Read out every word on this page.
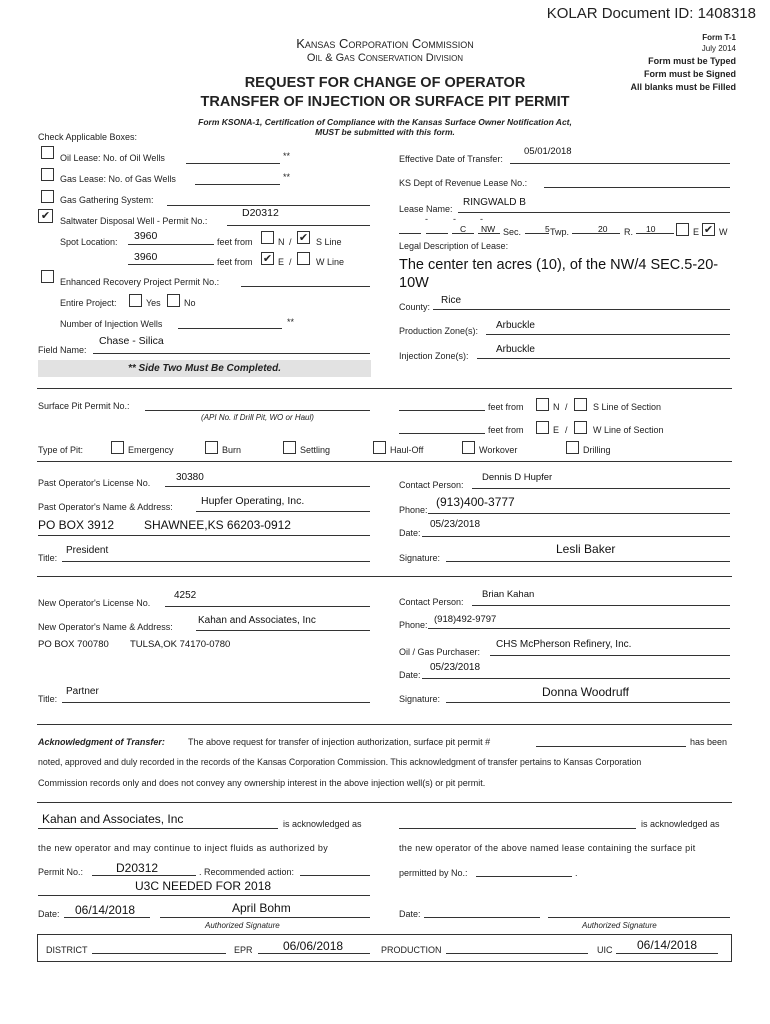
KOLAR Document ID: 1408318
Kansas Corporation Commission
Oil & Gas Conservation Division
REQUEST FOR CHANGE OF OPERATOR
TRANSFER OF INJECTION OR SURFACE PIT PERMIT
Form T-1
July 2014
Form must be Typed
Form must be Signed
All blanks must be Filled
Form KSONA-1, Certification of Compliance with the Kansas Surface Owner Notification Act,
MUST be submitted with this form.
Check Applicable Boxes:
Oil Lease: No. of Oil Wells	**
Gas Lease: No. of Gas Wells	**
Gas Gathering System:
✔	Saltwater Disposal Well - Permit No.:
D20312
Spot Location: 3960	feet from	N / ✔ S Line
3960	feet from ✔ E /	W Line
Enhanced Recovery Project Permit No.:
Entire Project:	Yes	No
Number of Injection Wells	**
Field Name:
Chase - Silica
** Side Two Must Be Completed.
Effective Date of Transfer:
05/01/2018
KS Dept of Revenue Lease No.:
Lease Name:
RINGWALD B
-	-	-
C NW Sec.	5 Twp.	20 R. 10	E ✔ W
Legal Description of Lease:
The center ten acres (10), of the NW/4 SEC.5-20-
10W
County:
Rice
Production Zone(s): Arbuckle
Injection Zone(s):
Arbuckle
Surface Pit Permit No.:
(API No. if Drill Pit, WO or Haul)
feet from	N /	S Line of Section
feet from	E /	W Line of Section
Type of Pit:	Emergency	Burn	Settling	Haul-Off	Workover	Drilling
Past Operator's License No.	30380
Past Operator's Name & Address:	Hupfer Operating, Inc.
PO BOX 3912 SHAWNEE,KS 66203-0912
Title:
President
Contact Person:
Dennis D Hupfer
Phone:
(913)400-3777
Date:
05/23/2018
Signature:
Lesli Baker
New Operator's License No.
4252
New Operator's Name & Address:
Kahan and Associates, Inc
PO BOX 700780 TULSA,OK 74170-0780
Title:
Partner
Contact Person:
Brian Kahan
Phone: (918)492-9797
Oil / Gas Purchaser:
CHS McPherson Refinery, Inc.
Date:
05/23/2018
Signature:	Donna Woodruff
Acknowledgment of Transfer:	The above request for transfer of injection authorization, surface pit permit #	has been
noted, approved and duly recorded in the records of the Kansas Corporation Commission. This acknowledgment of transfer pertains to Kansas Corporation
Commission records only and does not convey any ownership interest in the above injection well(s) or pit permit.
Kahan and Associates, Inc	is acknowledged as	is acknowledged as
the new operator and may continue to inject fluids as authorized by	the new operator of the above named lease containing the surface pit
Permit No.:	D20312	. Recommended action:
U3C NEEDED FOR 2018
permitted by No.:	.
Date: 06/14/2018	April Bohm
Authorized Signature
Date:
Authorized Signature
DISTRICT	EPR	06/06/2018	PRODUCTION	UIC 06/14/2018
